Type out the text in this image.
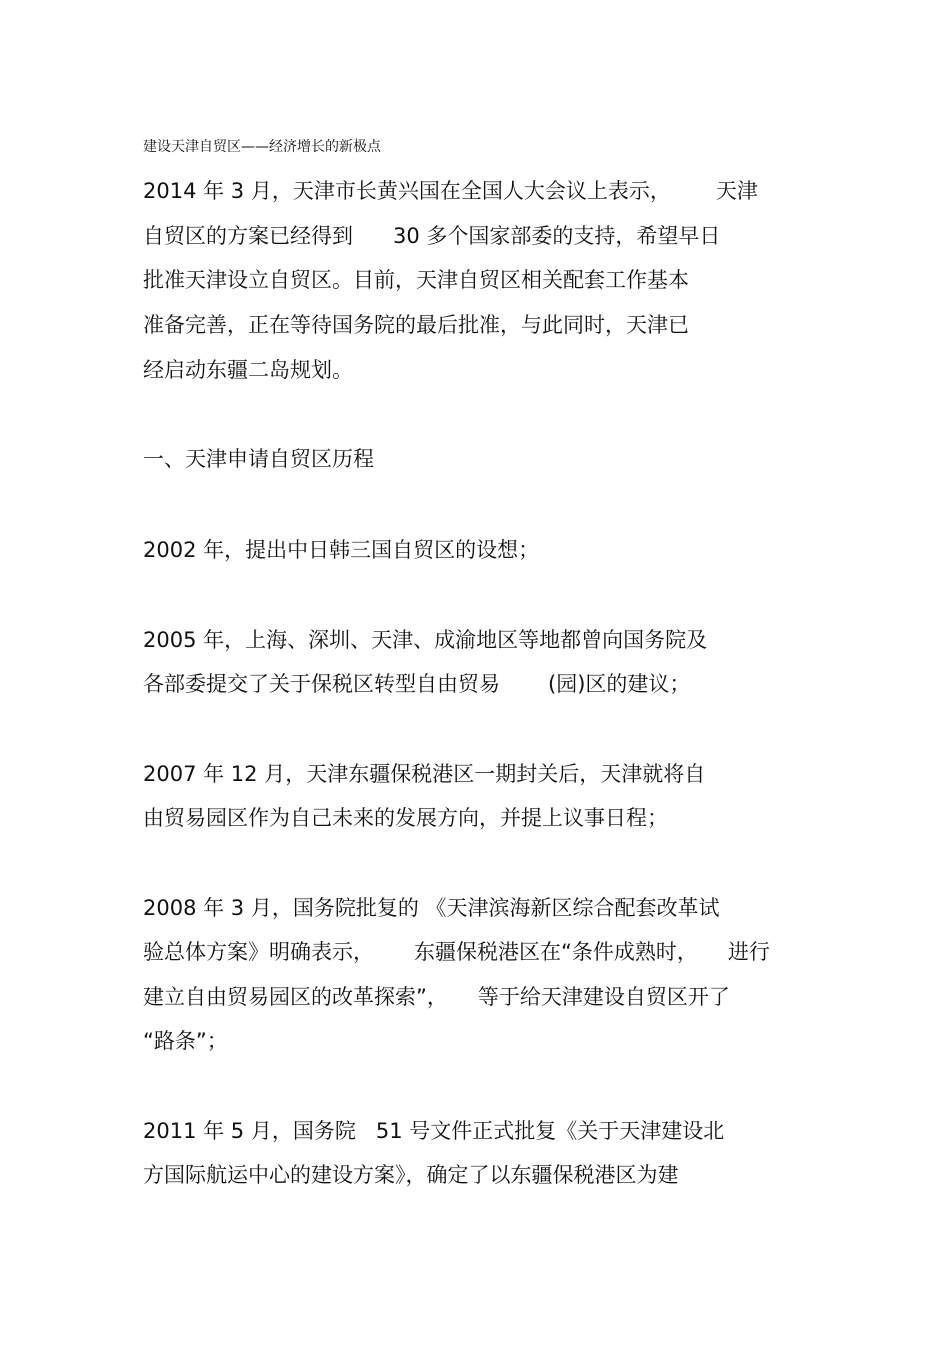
建设天津自贸区——经济增长的新极点
2014 年 3 月，天津市长黄兴国在全国人大会议上表示， 天津
自贸区的方案已经得到 30 多个国家部委的支持，希望早日
批准天津设立自贸区。目前，天津自贸区相关配套工作基本
准备完善，正在等待国务院的最后批准，与此同时，天津已
经启动东疆二岛规划。
一、天津申请自贸区历程
2002 年，提出中日韩三国自贸区的设想；
2005 年，上海、深圳、天津、成渝地区等地都曾向国务院及
各部委提交了关于保税区转型自由贸易 (园)区的建议；
2007 年 12 月，天津东疆保税港区一期封关后，天津就将自
由贸易园区作为自己未来的发展方向，并提上议事日程；
2008 年 3 月，国务院批复的 《天津滨海新区综合配套改革试
验总体方案》明确表示， 东疆保税港区在“条件成熟时， 进行
建立自由贸易园区的改革探索”， 等于给天津建设自贸区开了
“路条”；
2011 年 5 月，国务院 51 号文件正式批复《关于天津建设北
方国际航运中心的建设方案》，确定了以东疆保税港区为建
